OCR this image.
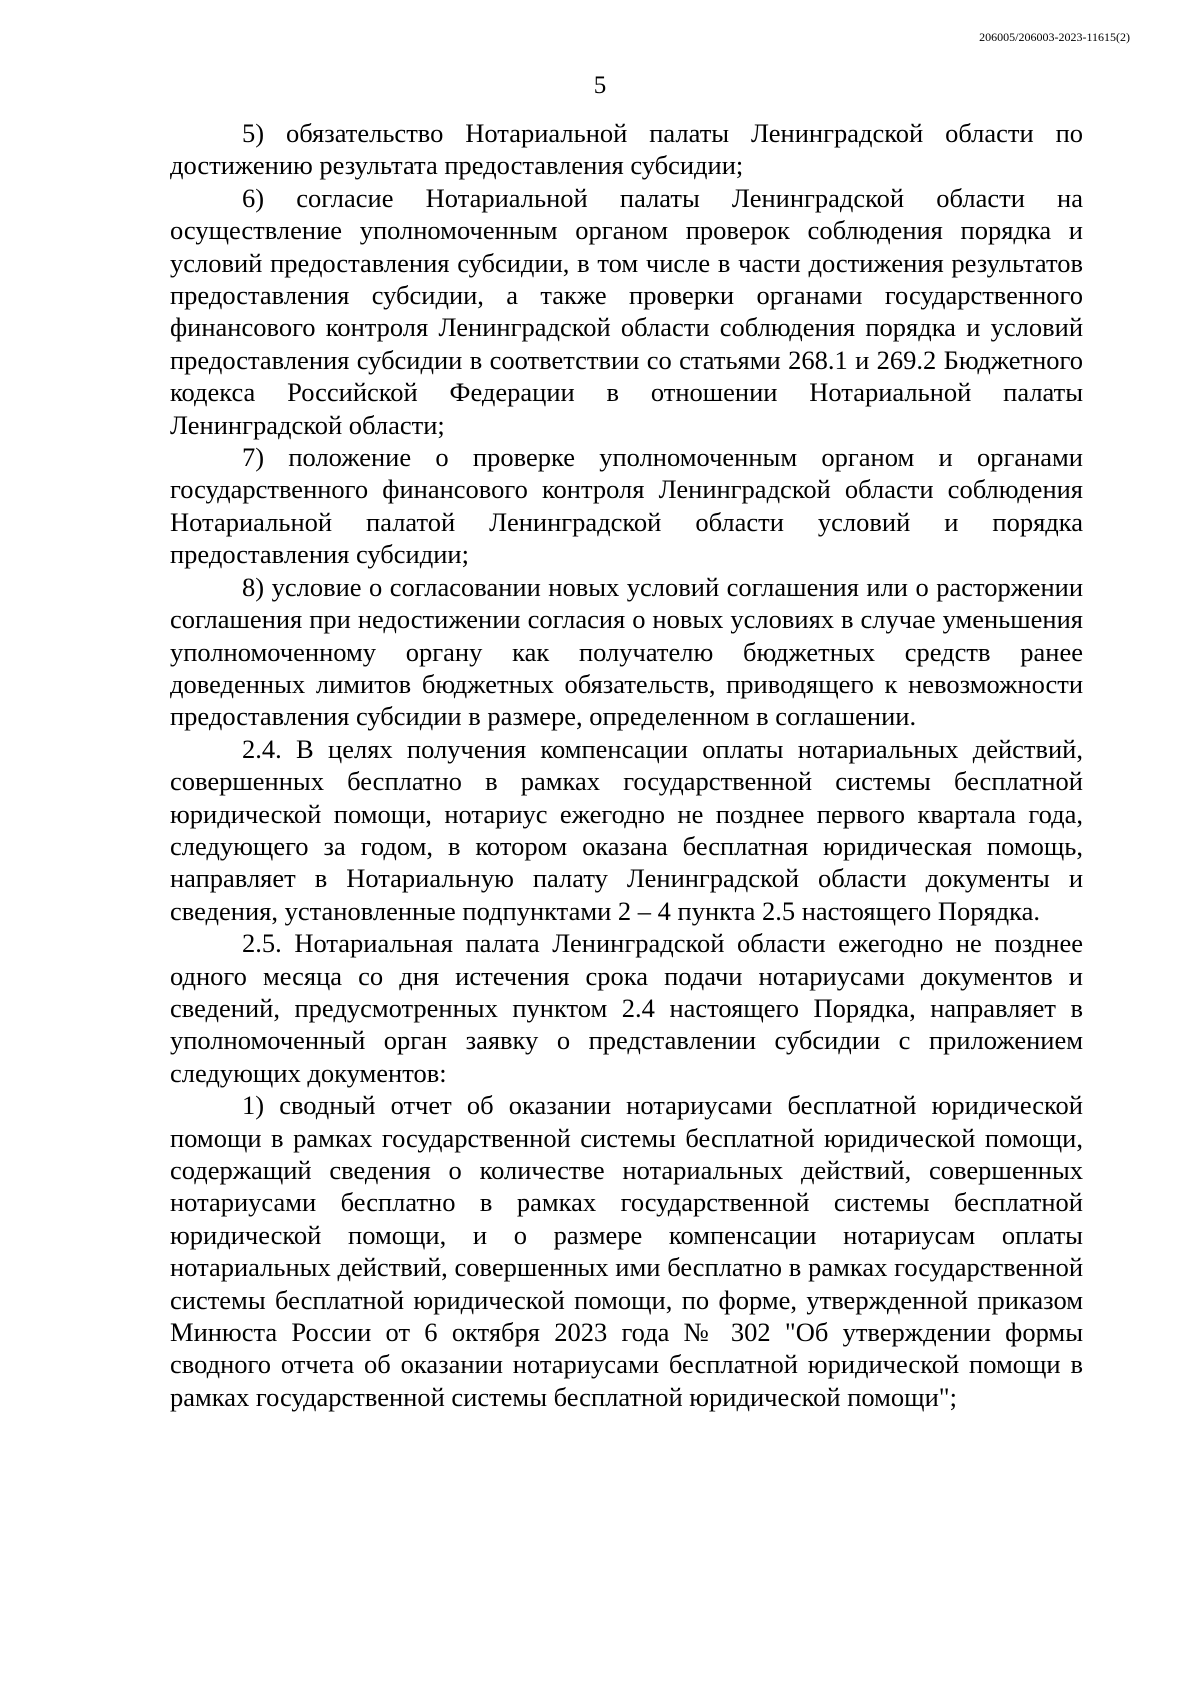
206005/206003-2023-11615(2)
5

5) обязательство Нотариальной палаты Ленинградской области по достижению результата предоставления субсидии;

6) согласие Нотариальной палаты Ленинградской области на осуществление уполномоченным органом проверок соблюдения порядка и условий предоставления субсидии, в том числе в части достижения результатов предоставления субсидии, а также проверки органами государственного финансового контроля Ленинградской области соблюдения порядка и условий предоставления субсидии в соответствии со статьями 268.1 и 269.2 Бюджетного кодекса Российской Федерации в отношении Нотариальной палаты Ленинградской области;

7) положение о проверке уполномоченным органом и органами государственного финансового контроля Ленинградской области соблюдения Нотариальной палатой Ленинградской области условий и порядка предоставления субсидии;

8) условие о согласовании новых условий соглашения или о расторжении соглашения при недостижении согласия о новых условиях в случае уменьшения уполномоченному органу как получателю бюджетных средств ранее доведенных лимитов бюджетных обязательств, приводящего к невозможности предоставления субсидии в размере, определенном в соглашении.

2.4. В целях получения компенсации оплаты нотариальных действий, совершенных бесплатно в рамках государственной системы бесплатной юридической помощи, нотариус ежегодно не позднее первого квартала года, следующего за годом, в котором оказана бесплатная юридическая помощь, направляет в Нотариальную палату Ленинградской области документы и сведения, установленные подпунктами 2 – 4 пункта 2.5 настоящего Порядка.

2.5. Нотариальная палата Ленинградской области ежегодно не позднее одного месяца со дня истечения срока подачи нотариусами документов и сведений, предусмотренных пунктом 2.4 настоящего Порядка, направляет в уполномоченный орган заявку о представлении субсидии с приложением следующих документов:

1) сводный отчет об оказании нотариусами бесплатной юридической помощи в рамках государственной системы бесплатной юридической помощи, содержащий сведения о количестве нотариальных действий, совершенных нотариусами бесплатно в рамках государственной системы бесплатной юридической помощи, и о размере компенсации нотариусам оплаты нотариальных действий, совершенных ими бесплатно в рамках государственной системы бесплатной юридической помощи, по форме, утвержденной приказом Минюста России от 6 октября 2023 года № 302 "Об утверждении формы сводного отчета об оказании нотариусами бесплатной юридической помощи в рамках государственной системы бесплатной юридической помощи";
